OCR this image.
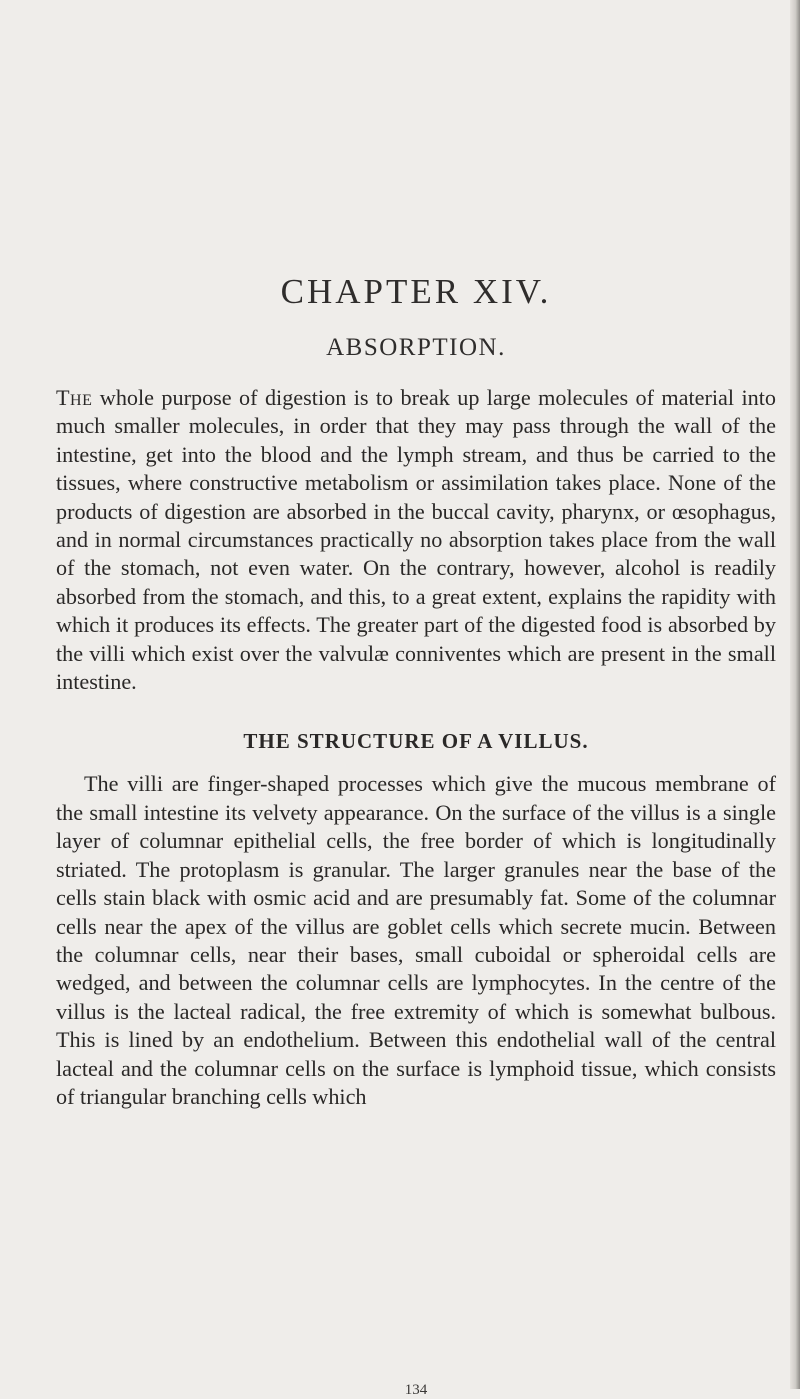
CHAPTER XIV.
ABSORPTION.

The whole purpose of digestion is to break up large molecules of material into much smaller molecules, in order that they may pass through the wall of the intestine, get into the blood and the lymph stream, and thus be carried to the tissues, where constructive metabolism or assimilation takes place. None of the products of digestion are absorbed in the buccal cavity, pharynx, or œsophagus, and in normal circumstances practically no absorption takes place from the wall of the stomach, not even water. On the contrary, however, alcohol is readily absorbed from the stomach, and this, to a great extent, explains the rapidity with which it produces its effects. The greater part of the digested food is absorbed by the villi which exist over the valvulæ conniventes which are present in the small intestine.

THE STRUCTURE OF A VILLUS.

The villi are finger-shaped processes which give the mucous membrane of the small intestine its velvety appearance. On the surface of the villus is a single layer of columnar epithelial cells, the free border of which is longitudinally striated. The protoplasm is granular. The larger granules near the base of the cells stain black with osmic acid and are presumably fat. Some of the columnar cells near the apex of the villus are goblet cells which secrete mucin. Between the columnar cells, near their bases, small cuboidal or spheroidal cells are wedged, and between the columnar cells are lymphocytes. In the centre of the villus is the lacteal radical, the free extremity of which is somewhat bulbous. This is lined by an endothelium. Between this endothelial wall of the central lacteal and the columnar cells on the surface is lymphoid tissue, which consists of triangular branching cells which

134
